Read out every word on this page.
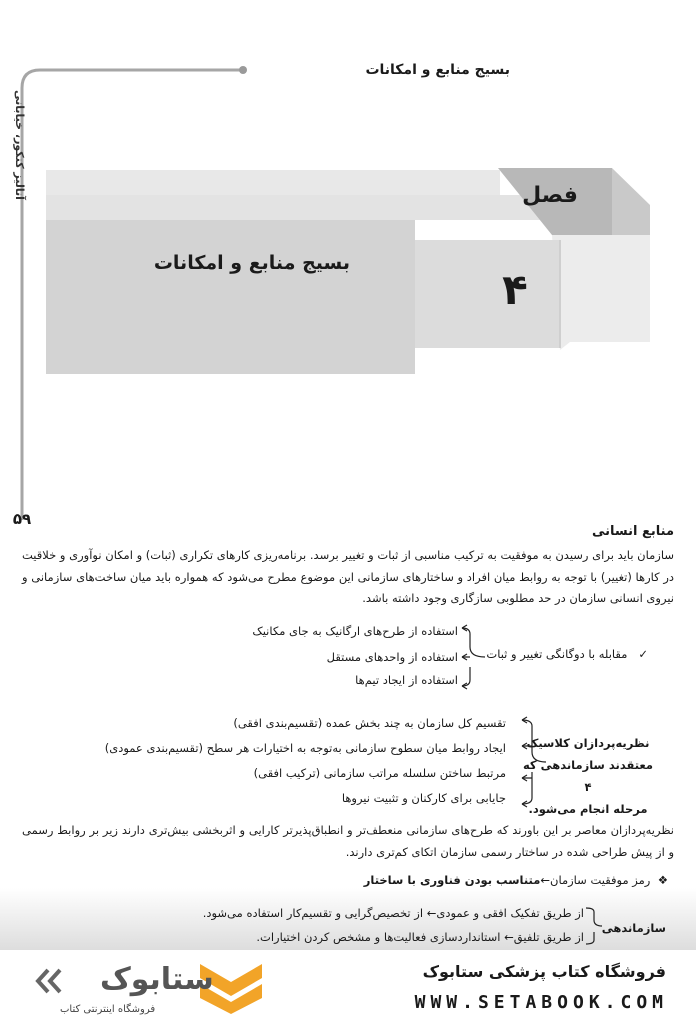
بسیج منابع و امکانات
آنالیز کنکور، خیابانی
۵۹
فصل
۴
بسیج منابع و امکانات
منابع انسانی
سازمان باید برای رسیدن به موفقیت به ترکیب مناسبی از ثبات و تغییر برسد. برنامه‌ریزی کارهای تکراری (ثبات) و امکان نوآوری و خلاقیت در کارها (تغییر) با توجه به روابط میان افراد و ساختارهای سازمانی این موضوع مطرح می‌شود که همواره باید میان ساخت‌های سازمانی و نیروی انسانی سازمان در حد مطلوبی سازگاری وجود داشته باشد.
✓   مقابله با دوگانگی تغییر و ثبات
استفاده از طرح‌های ارگانیک به جای مکانیک
استفاده از واحدهای مستقل
استفاده از ایجاد تیم‌ها
نظریه‌پردازان کلاسیک
معتقدند سازماندهی که ۴
مرحله انجام می‌شود.
تقسیم کل سازمان به چند بخش عمده (تقسیم‌بندی افقی)
ایجاد روابط میان سطوح سازمانی به‌توجه به اختیارات هر سطح (تقسیم‌بندی عمودی)
مرتبط ساختن سلسله مراتب سازمانی (ترکیب افقی)
جایابی برای کارکنان و تثبیت نیروها
نظریه‌پردازان معاصر بر این باورند که طرح‌های سازمانی منعطف‌تر و انطباق‌پذیرتر کارایی و اثربخشی بیش‌تری دارند زیر بر روابط رسمی و از پیش طراحی شده در ساختار رسمی سازمان اتکای کم‌تری دارند.
❖  رمز موفقیت سازمان←متناسب بودن فناوری با ساختار
سازماندهی
از طریق تفکیک افقی و عمودی← از تخصیص‌گرایی و تقسیم‌کار استفاده می‌شود.
از طریق تلفیق← استانداردسازی فعالیت‌ها و مشخص کردن اختیارات.
فروشگاه کتاب پزشکی ستابوک
WWW.SETABOOK.COM
ستابوک
فروشگاه اینترنتی کتاب
